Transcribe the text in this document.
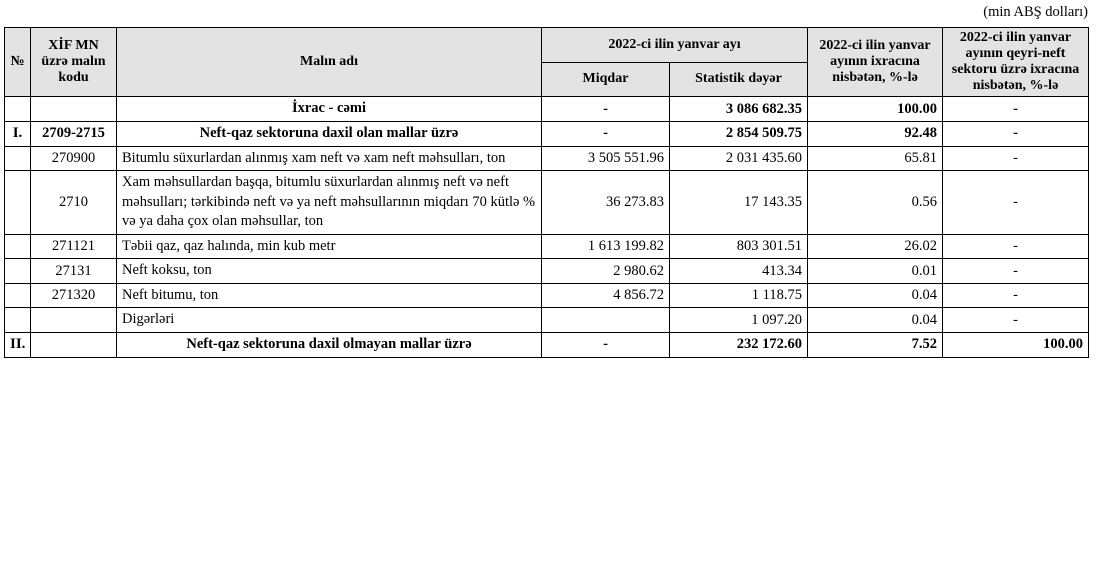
(min ABŞ dolları)
№	XİF MN üzrə malın kodu	Malın adı	2022-ci ilin yanvar ayı		2022-ci ilin yanvar ayının ixracına nisbətən, %-lə	2022-ci ilin yanvar ayının qeyri-neft sektoru üzrə ixracına nisbətən, %-lə
			Miqdar	Statistik dəyər		
		İxrac - cəmi	-	3 086 682.35	100.00	-
I.	2709-2715	Neft-qaz sektoruna daxil olan mallar üzrə	-	2 854 509.75	92.48	-
	270900	Bitumlu süxurlardan alınmış xam neft və xam neft məhsulları, ton	3 505 551.96	2 031 435.60	65.81	-
	2710	Xam məhsullardan başqa, bitumlu süxurlardan alınmış neft və neft məhsulları; tərkibində neft və ya neft məhsullarının miqdarı 70 kütlə % və ya daha çox olan məhsullar, ton	36 273.83	17 143.35	0.56	-
	271121	Təbii qaz, qaz halında, min kub metr	1 613 199.82	803 301.51	26.02	-
	27131	Neft koksu, ton	2 980.62	413.34	0.01	-
	271320	Neft bitumu, ton	4 856.72	1 118.75	0.04	-
		Digərləri		1 097.20	0.04	-
II.		Neft-qaz sektoruna daxil olmayan mallar üzrə	-	232 172.60	7.52	100.00
